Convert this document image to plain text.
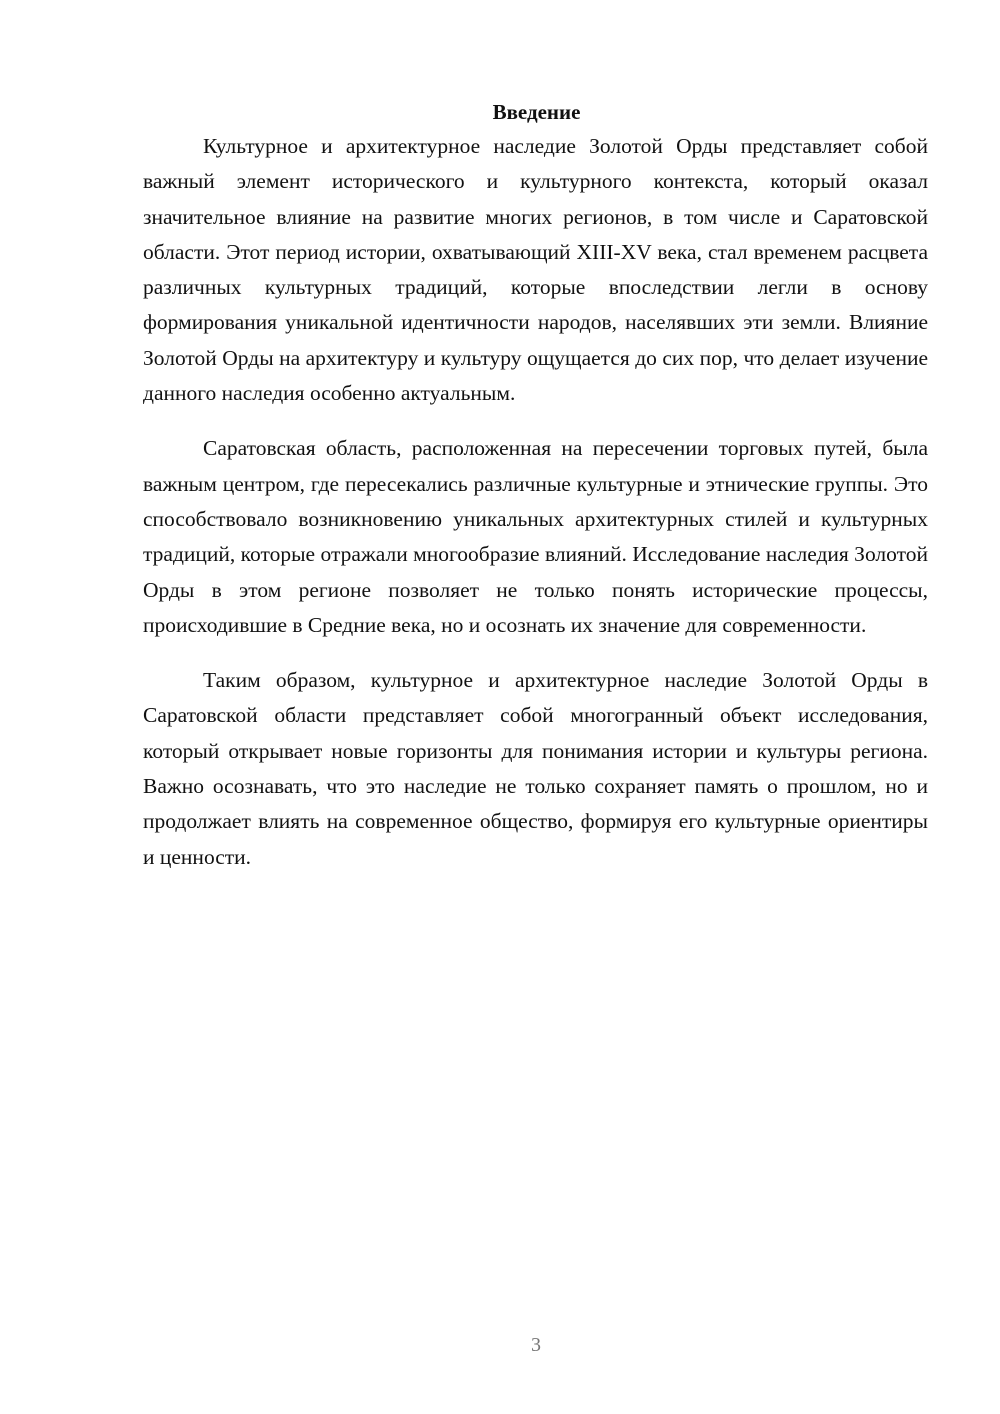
Введение

Культурное и архитектурное наследие Золотой Орды представляет собой важный элемент исторического и культурного контекста, который оказал значительное влияние на развитие многих регионов, в том числе и Саратовской области. Этот период истории, охватывающий XIII-XV века, стал временем расцвета различных культурных традиций, которые впоследствии легли в основу формирования уникальной идентичности народов, населявших эти земли. Влияние Золотой Орды на архитектуру и культуру ощущается до сих пор, что делает изучение данного наследия особенно актуальным.

Саратовская область, расположенная на пересечении торговых путей, была важным центром, где пересекались различные культурные и этнические группы. Это способствовало возникновению уникальных архитектурных стилей и культурных традиций, которые отражали многообразие влияний. Исследование наследия Золотой Орды в этом регионе позволяет не только понять исторические процессы, происходившие в Средние века, но и осознать их значение для современности.

Таким образом, культурное и архитектурное наследие Золотой Орды в Саратовской области представляет собой многогранный объект исследования, который открывает новые горизонты для понимания истории и культуры региона. Важно осознавать, что это наследие не только сохраняет память о прошлом, но и продолжает влиять на современное общество, формируя его культурные ориентиры и ценности.

3
